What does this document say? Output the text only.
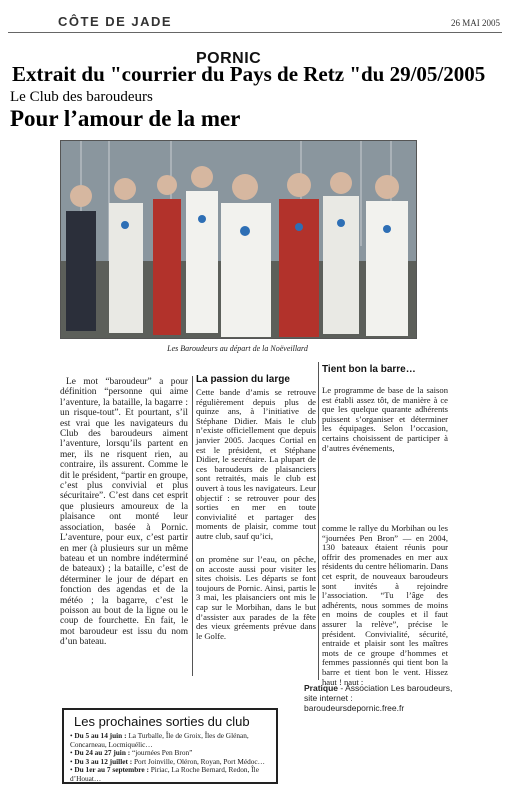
CÔTE DE JADE	26 MAI 2005
PORNIC
Extrait du "courrier du Pays de Retz "du 29/05/2005
Le Club des baroudeurs
Pour l’amour de la mer
Les Baroudeurs au départ de la Noëveillard

Le mot “baroudeur” a pour définition “personne qui aime l’aventure, la bataille, la bagarre : un risque-tout”. Et pourtant, s’il est vrai que les navigateurs du Club des baroudeurs aiment l’aventure, lorsqu’ils partent en mer, ils ne risquent rien, au contraire, ils assurent. Comme le dit le président, “partir en groupe, c’est plus convivial et plus sécuritaire”. C’est dans cet esprit que plusieurs amoureux de la plaisance ont monté leur association, basée à Pornic. L’aventure, pour eux, c’est partir en mer (à plusieurs sur un même bateau et un nombre indéterminé de bateaux) ; la bataille, c’est de déterminer le jour de départ en fonction des agendas et de la météo ; la bagarre, c’est le poisson au bout de la ligne ou le coup de fourchette. En fait, le mot baroudeur est issu du nom d’un bateau.

La passion du large

Cette bande d’amis se retrouve régulièrement depuis plus de quinze ans, à l’initiative de Stéphane Didier. Mais le club n’existe officiellement que depuis janvier 2005. Jacques Cortial en est le président, et Stéphane Didier, le secrétaire. La plupart de ces baroudeurs de plaisanciers sont retraités, mais le club est ouvert à tous les navigateurs. Leur objectif : se retrouver pour des sorties en mer en toute convivialité et partager des moments de plaisir, comme tout autre club, sauf qu’ici,

on promène sur l’eau, on pêche, on accoste aussi pour visiter les sites choisis. Les départs se font toujours de Pornic. Ainsi, partis le 3 mai, les plaisanciers ont mis le cap sur le Morbihan, dans le but d’assister aux parades de la fête des vieux gréements prévue dans le Golfe.

Tient bon la barre…

Le programme de base de la saison est établi assez tôt, de manière à ce que les quelque quarante adhérents puissent s’organiser et déterminer les équipages. Selon l’occasion, certains choisissent de participer à d’autres événements,

comme le rallye du Morbihan ou les “journées Pen Bron” — en 2004, 130 bateaux étaient réunis pour offrir des promenades en mer aux résidents du centre héliomarin. Dans cet esprit, de nouveaux baroudeurs sont invités à rejoindre l’association. “Tu l’âge des adhérents, nous sommes de moins en moins de couples et il faut assurer la relève”, précise le président. Convivialité, sécurité, entraide et plaisir sont les maîtres mots de ce groupe d’hommes et femmes passionnés qui tient bon la barre et tient bon le vent. Hissez haut ! naut :

Pratique - Association Les baroudeurs, site internet : baroudeursdepornic.free.fr
Les prochaines sorties du club
• Du 5 au 14 juin : La Turballe, Île de Groix, Îles de Glénan, Concarneau, Locmiquélic…
• Du 24 au 27 juin : “journées Pen Bron”
• Du 3 au 12 juillet : Port Joinville, Oléron, Royan, Port Médoc…
• Du 1er au 7 septembre : Piriac, La Roche Bernard, Redon, Île d’Houat…
